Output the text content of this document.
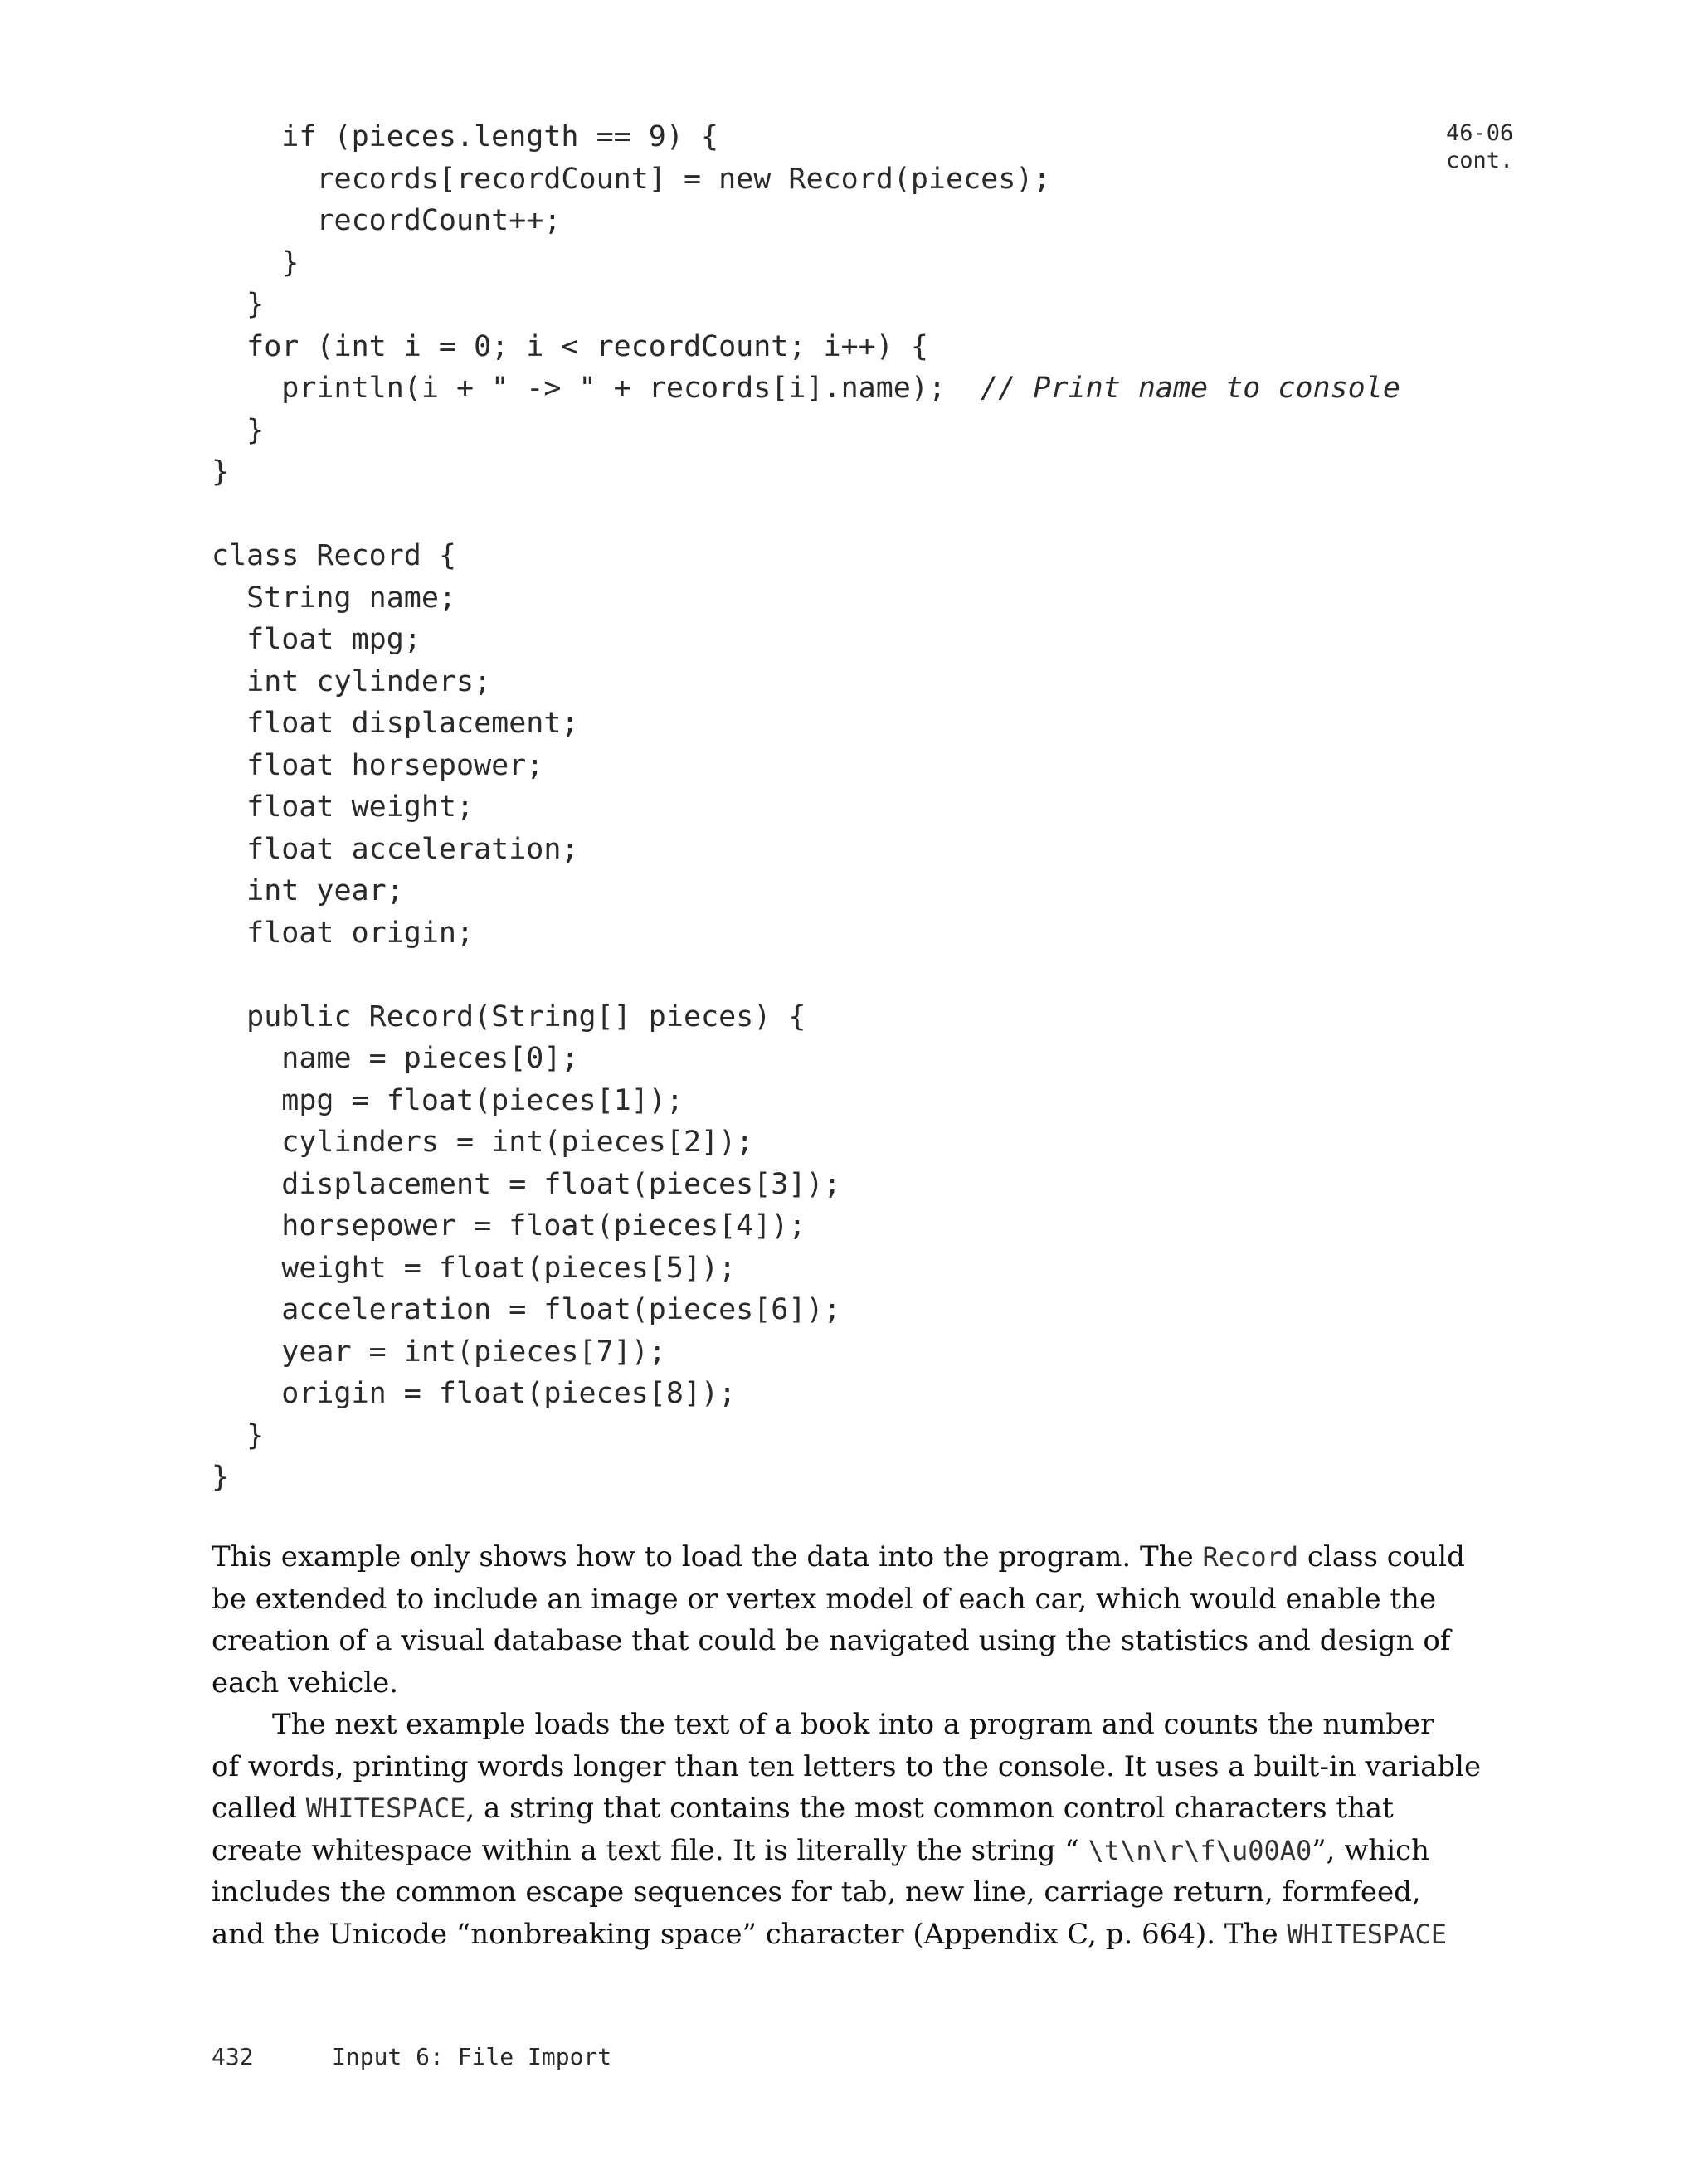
46-06
cont.
if (pieces.length == 9) {
records[recordCount] = new Record(pieces);
recordCount++;
}
}
for (int i = 0; i < recordCount; i++) {
println(i + " -> " + records[i].name);  // Print name to console
}
}
class Record {
String name;
float mpg;
int cylinders;
float displacement;
float horsepower;
float weight;
float acceleration;
int year;
float origin;
public Record(String[] pieces) {
name = pieces[0];
mpg = float(pieces[1]);
cylinders = int(pieces[2]);
displacement = float(pieces[3]);
horsepower = float(pieces[4]);
weight = float(pieces[5]);
acceleration = float(pieces[6]);
year = int(pieces[7]);
origin = float(pieces[8]);
}
}
This example only shows how to load the data into the program. The Record class could
be extended to include an image or vertex model of each car, which would enable the
creation of a visual database that could be navigated using the statistics and design of
each vehicle.
The next example loads the text of a book into a program and counts the number
of words, printing words longer than ten letters to the console. It uses a built-in variable
called WHITESPACE, a string that contains the most common control characters that
create whitespace within a text file. It is literally the string “ \t\n\r\f\u00A0”, which
includes the common escape sequences for tab, new line, carriage return, formfeed,
and the Unicode “nonbreaking space” character (Appendix C, p. 664). The WHITESPACE
432	Input 6: File Import
